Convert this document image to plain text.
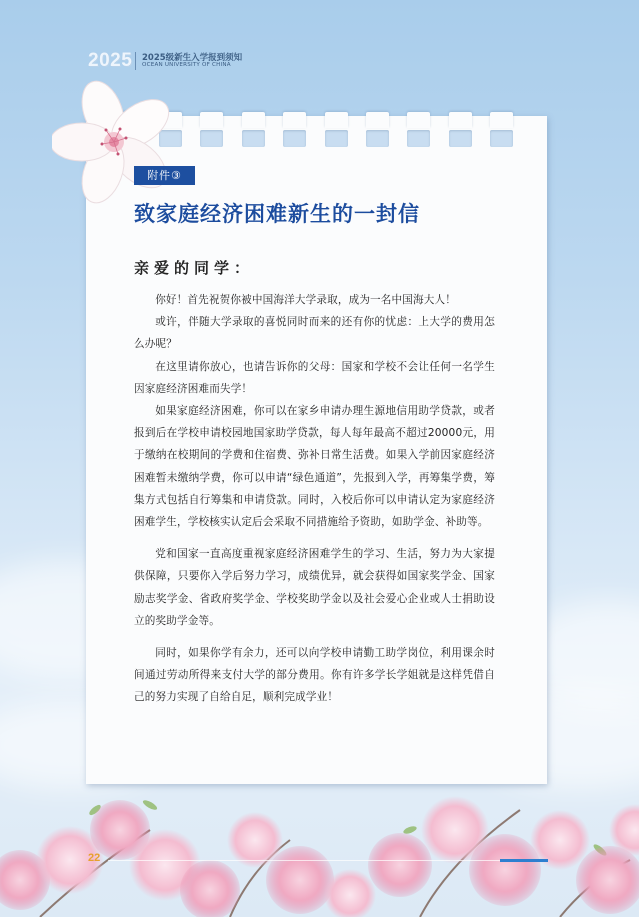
2025 2025级新生入学报到须知
OCEAN UNIVERSITY OF CHINA
附件③
致家庭经济困难新生的一封信
亲爱的同学：

你好！首先祝贺你被中国海洋大学录取，成为一名中国海大人！

或许，伴随大学录取的喜悦同时而来的还有你的忧虑：上大学的费用怎么办呢？

在这里请你放心，也请告诉你的父母：国家和学校不会让任何一名学生因家庭经济困难而失学！

如果家庭经济困难，你可以在家乡申请办理生源地信用助学贷款，或者报到后在学校申请校园地国家助学贷款，每人每年最高不超过20000元，用于缴纳在校期间的学费和住宿费、弥补日常生活费。如果入学前因家庭经济困难暂未缴纳学费，你可以申请“绿色通道”，先报到入学，再筹集学费，筹集方式包括自行筹集和申请贷款。同时，入校后你可以申请认定为家庭经济困难学生，学校核实认定后会采取不同措施给予资助，如助学金、补助等。

党和国家一直高度重视家庭经济困难学生的学习、生活，努力为大家提供保障，只要你入学后努力学习，成绩优异，就会获得如国家奖学金、国家励志奖学金、省政府奖学金、学校奖助学金以及社会爱心企业或人士捐助设立的奖助学金等。

同时，如果你学有余力，还可以向学校申请勤工助学岗位，利用课余时间通过劳动所得来支付大学的部分费用。你有许多学长学姐就是这样凭借自己的努力实现了自给自足，顺利完成学业！

22
